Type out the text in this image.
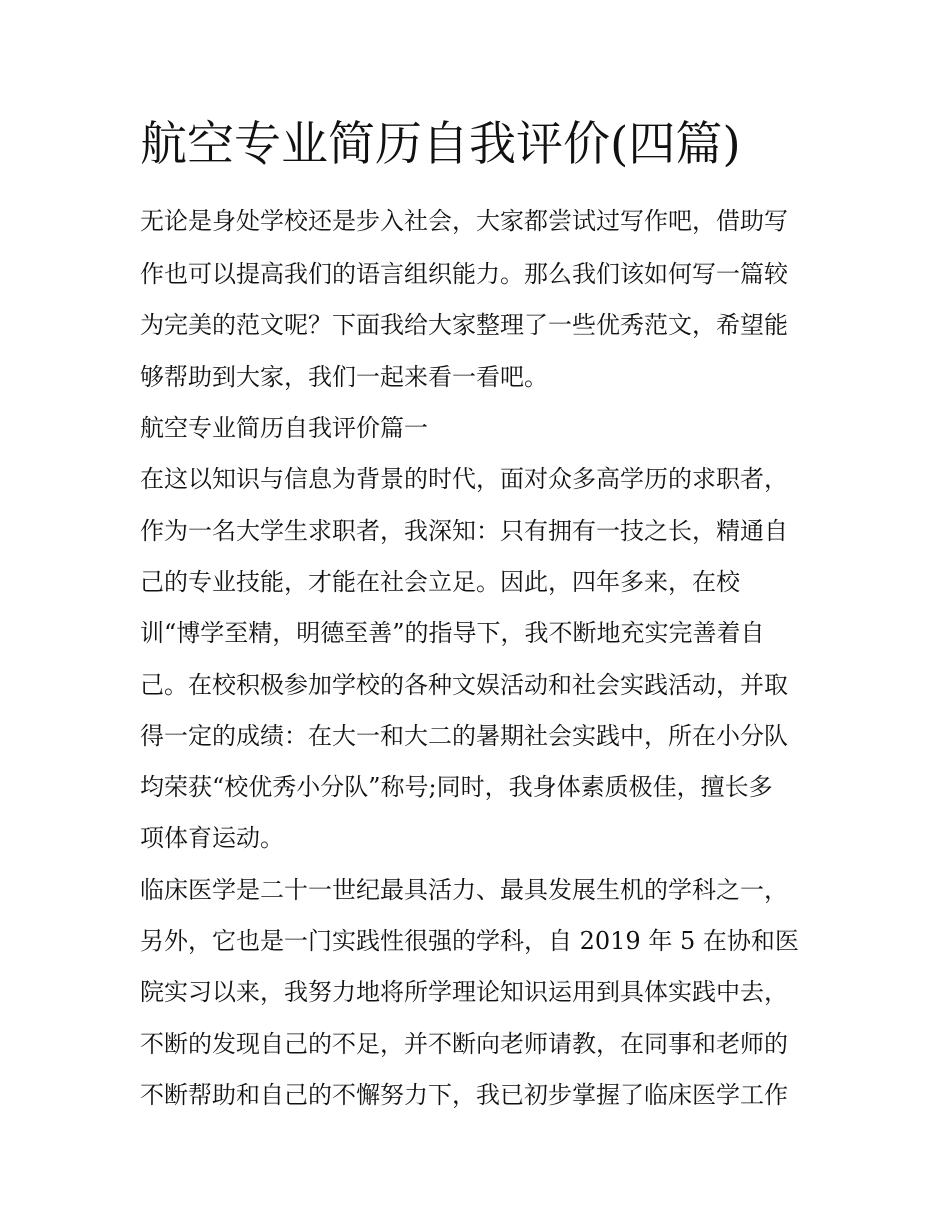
航空专业简历自我评价(四篇)

无论是身处学校还是步入社会，大家都尝试过写作吧，借助写

作也可以提高我们的语言组织能力。那么我们该如何写一篇较

为完美的范文呢？下面我给大家整理了一些优秀范文，希望能

够帮助到大家，我们一起来看一看吧。

航空专业简历自我评价篇一

在这以知识与信息为背景的时代，面对众多高学历的求职者，

作为一名大学生求职者，我深知：只有拥有一技之长，精通自

己的专业技能，才能在社会立足。因此，四年多来，在校

训“博学至精，明德至善”的指导下，我不断地充实完善着自

己。在校积极参加学校的各种文娱活动和社会实践活动，并取

得一定的成绩：在大一和大二的暑期社会实践中，所在小分队

均荣获“校优秀小分队”称号;同时，我身体素质极佳，擅长多

项体育运动。

临床医学是二十一世纪最具活力、最具发展生机的学科之一，

另外，它也是一门实践性很强的学科，自 2019 年 5 在协和医

院实习以来，我努力地将所学理论知识运用到具体实践中去，

不断的发现自己的不足，并不断向老师请教，在同事和老师的

不断帮助和自己的不懈努力下，我已初步掌握了临床医学工作
